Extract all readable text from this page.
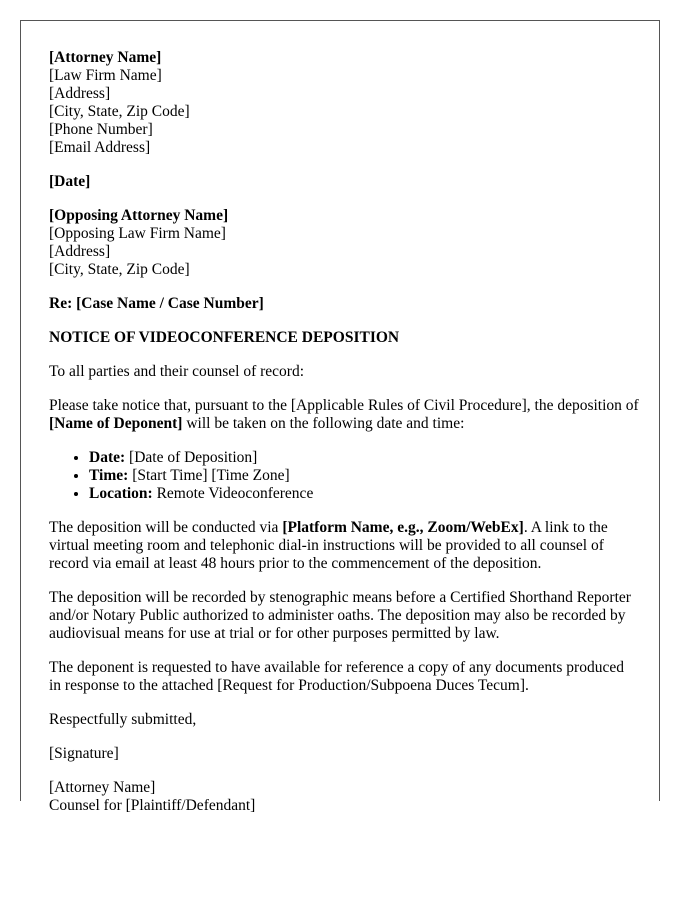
[Attorney Name]
[Law Firm Name]
[Address]
[City, State, Zip Code]
[Phone Number]
[Email Address]
[Date]
[Opposing Attorney Name]
[Opposing Law Firm Name]
[Address]
[City, State, Zip Code]
Re: [Case Name / Case Number]
NOTICE OF VIDEOCONFERENCE DEPOSITION

To all parties and their counsel of record:

Please take notice that, pursuant to the [Applicable Rules of Civil Procedure], the deposition of [Name of Deponent] will be taken on the following date and time:

• Date: [Date of Deposition]
• Time: [Start Time] [Time Zone]
• Location: Remote Videoconference

The deposition will be conducted via [Platform Name, e.g., Zoom/WebEx]. A link to the virtual meeting room and telephonic dial-in instructions will be provided to all counsel of record via email at least 48 hours prior to the commencement of the deposition.

The deposition will be recorded by stenographic means before a Certified Shorthand Reporter and/or Notary Public authorized to administer oaths. The deposition may also be recorded by audiovisual means for use at trial or for other purposes permitted by law.

The deponent is requested to have available for reference a copy of any documents produced in response to the attached [Request for Production/Subpoena Duces Tecum].

Respectfully submitted,

[Signature]

[Attorney Name]
Counsel for [Plaintiff/Defendant]
